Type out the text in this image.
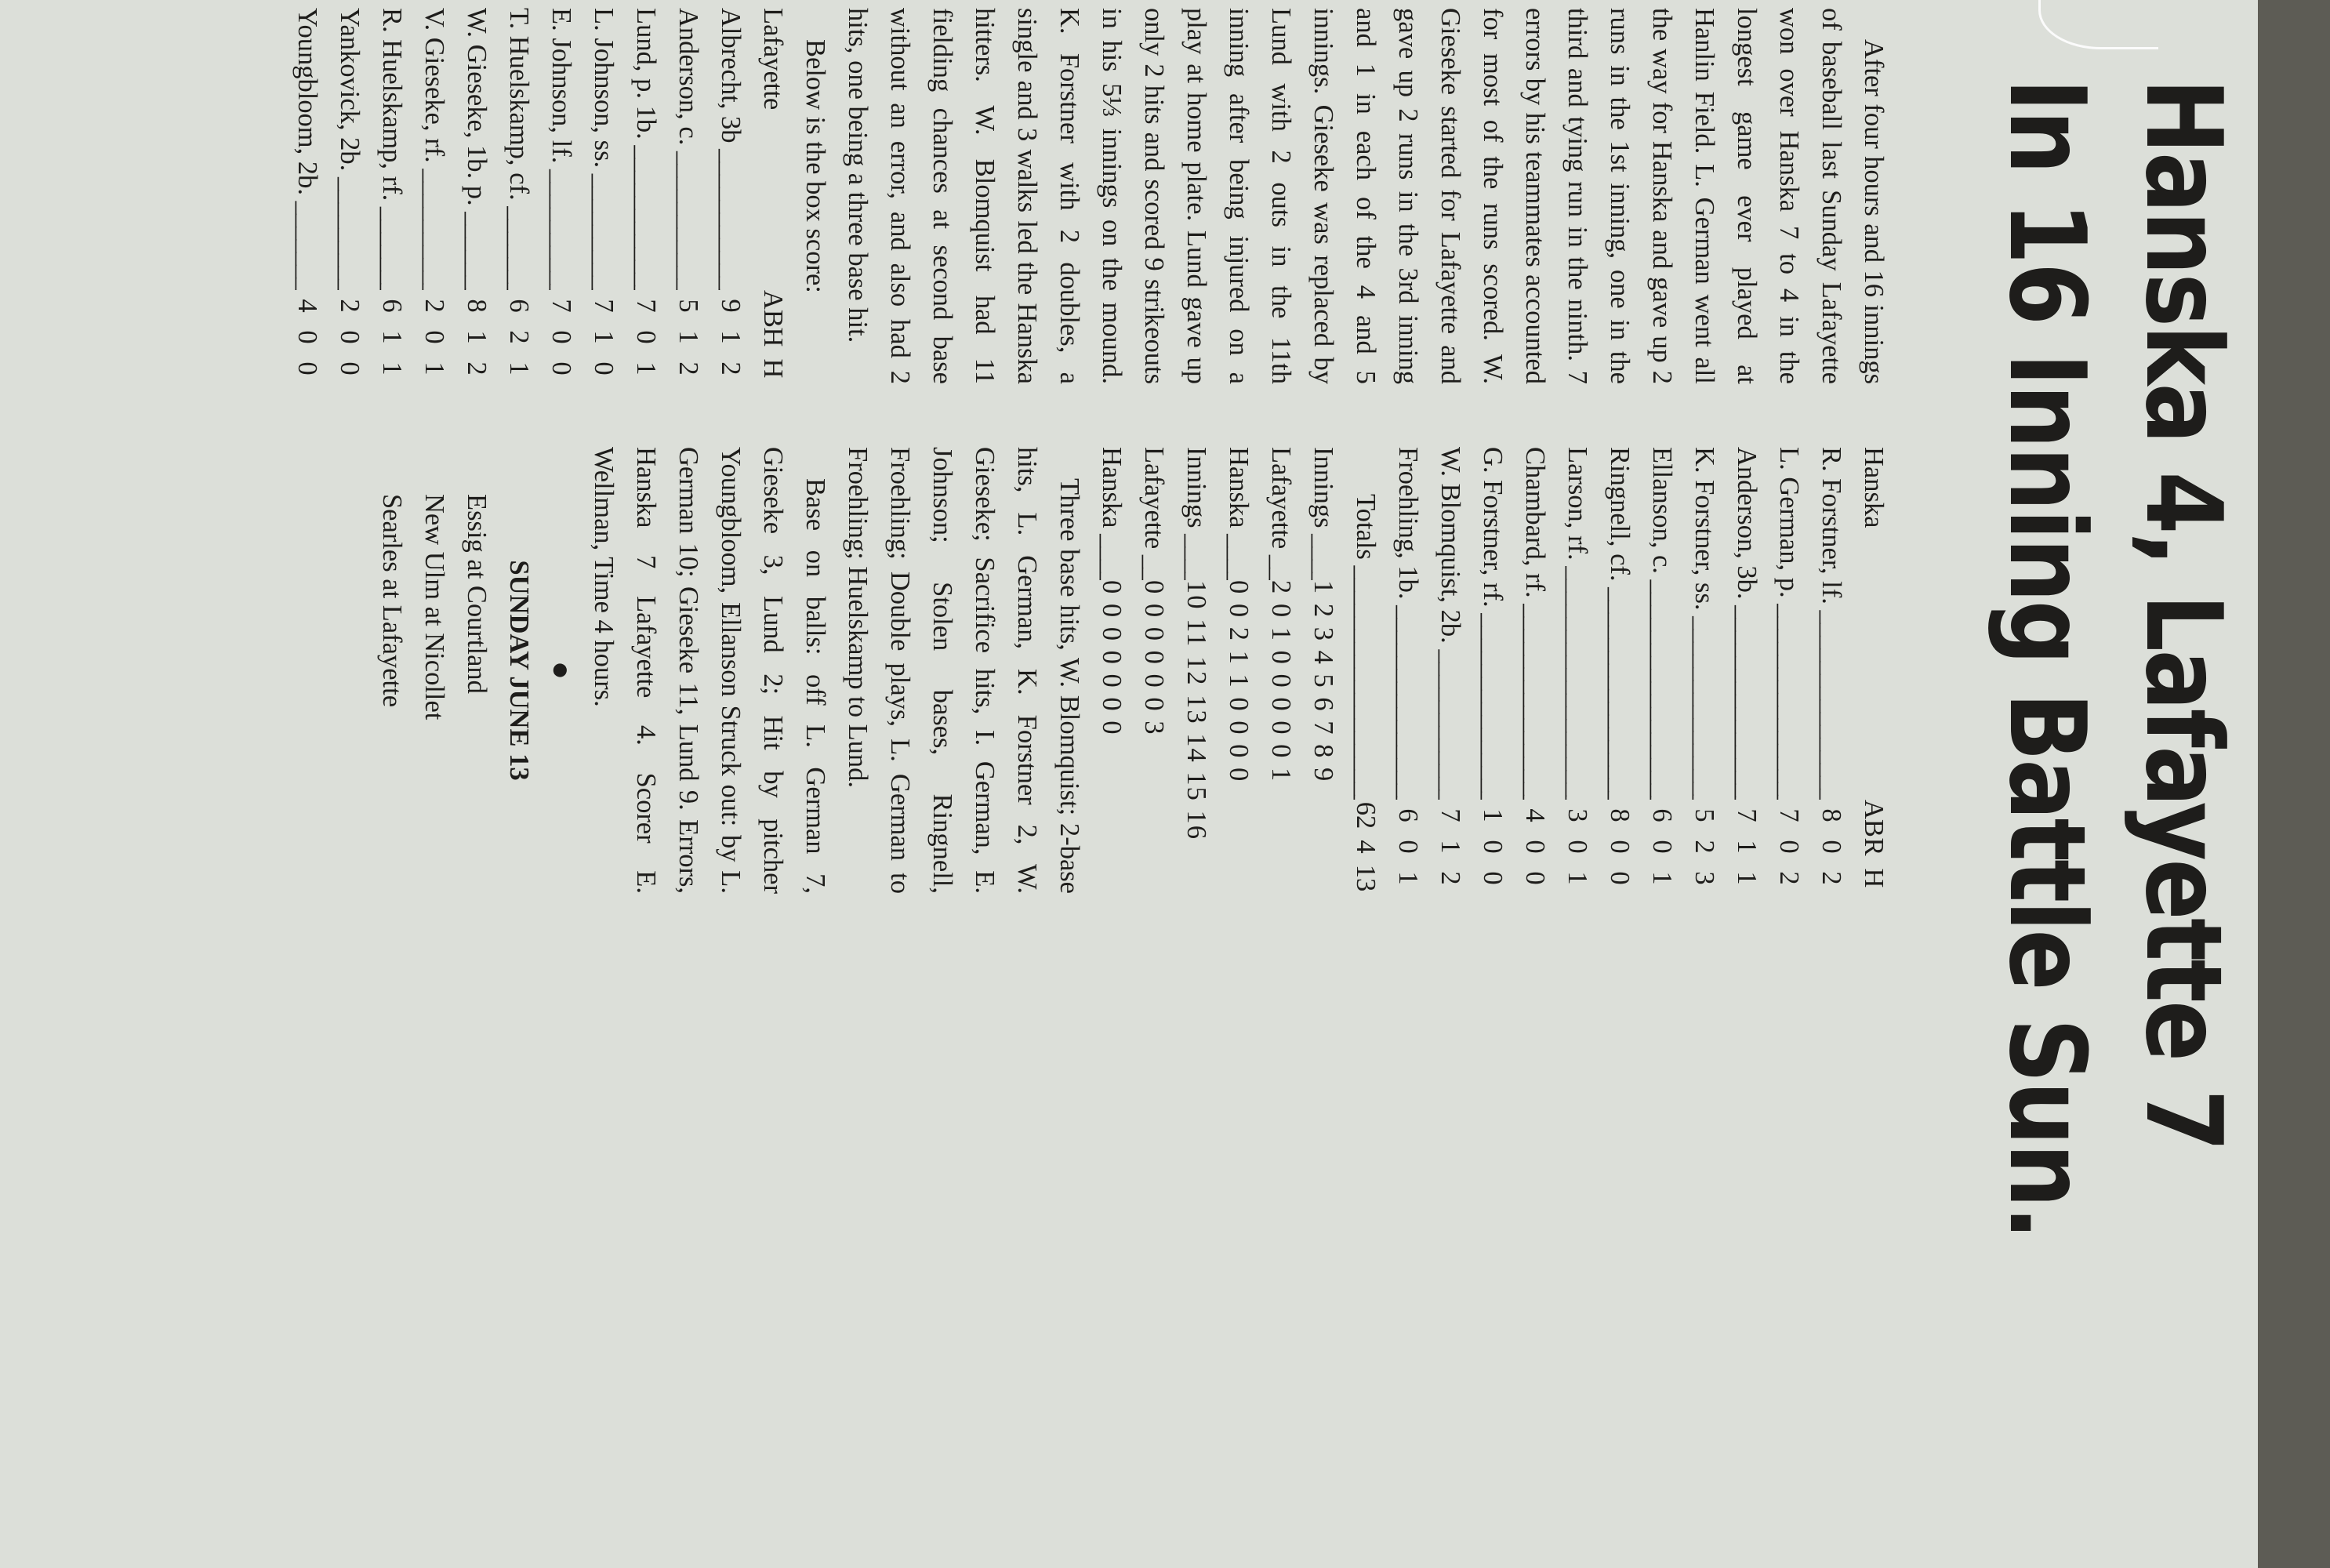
Hanska 4, Lafayette 7
In 16 Inning Battle Sun.

After four hours and 16 innings of baseball last Sunday Lafayette won over Hanska 7 to 4 in the longest game ever played at Hanlin Field. L. German went all the way for Hanska and gave up 2 runs in the 1st inning, one in the third and tying run in the ninth. 7 errors by his teammates accounted for most of the runs scored. W. Gieseke started for Lafayette and gave up 2 runs in the 3rd inning and 1 in each of the 4 and 5 innings. Gieseke was replaced by Lund with 2 outs in the 11th inning after being injured on a play at home plate. Lund gave up only 2 hits and scored 9 strikeouts in his 5⅓ innings on the mound. K. Forstner with 2 doubles, a single and 3 walks led the Hanska hitters. W. Blomquist had 11 fielding chances at second base without an error, and also had 2 hits, one being a three base hit.

Below is the box score:

Lafayette
AB
H
H
Albrecht, 3b _____
9
1
2
Anderson, c. _____
5
1
2
Lund, p. 1b. _____
7
0
1
L. Johnson, ss. _____
7
1
0
E. Johnson, lf. _____
7
0
0
T. Huelskamp, cf. _____
6
2
1
W. Gieseke, 1b. p. _____
8
1
2
V. Gieseke, rf. _____
2
0
1
R. Huelskamp, rf. _____
6
1
1
Yankovick, 2b. _____
2
0
0
Youngbloom, 2b. _____
4
0
0
Hanska
AB
R
H
R. Forstner, lf. _____
8
0
2
L. German, p. _____
7
0
2
Anderson, 3b. _____
7
1
1
K. Forstner, ss. _____
5
2
3
Ellanson, c. _____
6
0
1
Ringnell, cf. _____
8
0
0
Larson, rf. _____
3
0
1
Chambard, rf. _____
4
0
0
G. Forstner, rf. _____
1
0
0
W. Blomquist, 2b. _____
7
1
2
Froehling, 1b. _____
6
0
1
Totals _____
62
4
13
Innings _____
1 2 3 4 5 6 7 8 9
Lafayette _____
2 0 1 0 0 0 0 0 1
Hanska _____
0 0 2 1 1 0 0 0 0
Innings _____
10 11 12 13 14 15 16
Lafayette _____
0 0 0 0 0 0 3
Hanska _____
0 0 0 0 0 0 0

Three base hits, W. Blomquist; 2-base hits, L. German, K. Forstner 2, W. Gieseke; Sacrifice hits, I. German, E. Johnson; Stolen bases, Ringnell, Froehling; Double plays, L. German to Froehling; Huelskamp to Lund.

Base on balls: off L. German 7, Gieseke 3, Lund 2; Hit by pitcher Youngbloom, Ellanson Struck out: by L. German 10; Gieseke 11, Lund 9. Errors, Hanska 7 Lafayette 4. Scorer E. Wellman, Time 4 hours.

●
SUNDAY JUNE 13
Essig at Courtland
New Ulm at Nicollet
Searles at Lafayette
